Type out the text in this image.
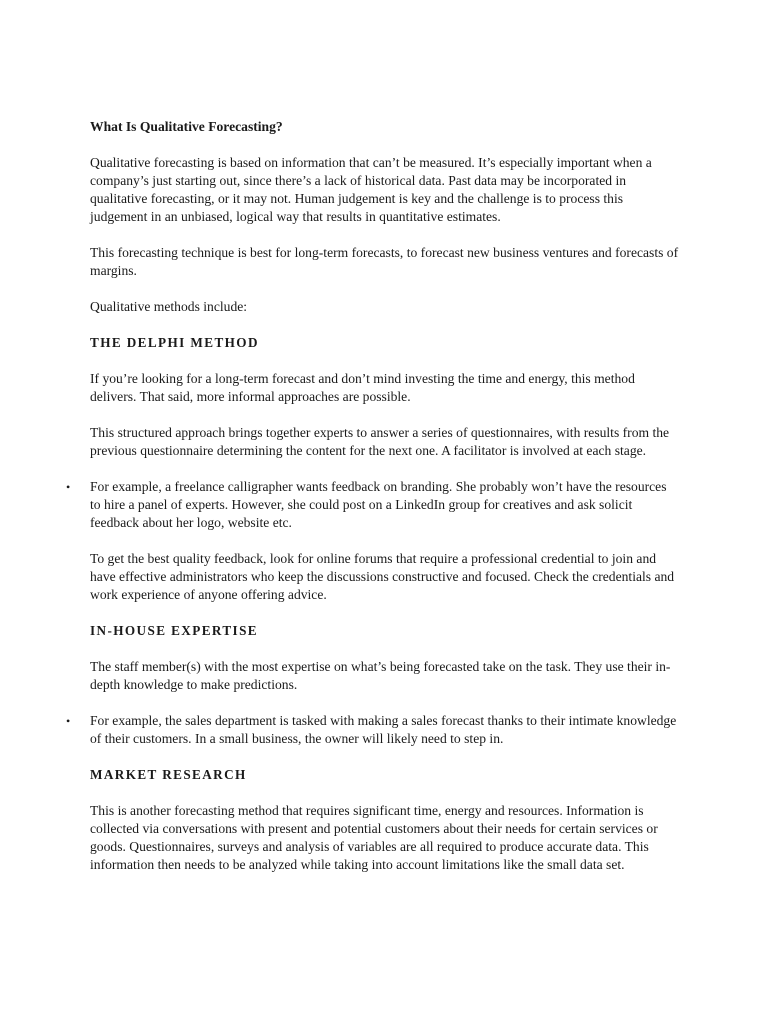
What Is Qualitative Forecasting?

Qualitative forecasting is based on information that can’t be measured. It’s especially important when a company’s just starting out, since there’s a lack of historical data. Past data may be incorporated in qualitative forecasting, or it may not. Human judgement is key and the challenge is to process this judgement in an unbiased, logical way that results in quantitative estimates.

This forecasting technique is best for long-term forecasts, to forecast new business ventures and forecasts of margins.

Qualitative methods include:

THE DELPHI METHOD

If you’re looking for a long-term forecast and don’t mind investing the time and energy, this method delivers. That said, more informal approaches are possible.

This structured approach brings together experts to answer a series of questionnaires, with results from the previous questionnaire determining the content for the next one. A facilitator is involved at each stage.

• For example, a freelance calligrapher wants feedback on branding. She probably won’t have the resources to hire a panel of experts. However, she could post on a LinkedIn group for creatives and ask solicit feedback about her logo, website etc.

To get the best quality feedback, look for online forums that require a professional credential to join and have effective administrators who keep the discussions constructive and focused. Check the credentials and work experience of anyone offering advice.

IN-HOUSE EXPERTISE

The staff member(s) with the most expertise on what’s being forecasted take on the task. They use their in-depth knowledge to make predictions.

• For example, the sales department is tasked with making a sales forecast thanks to their intimate knowledge of their customers. In a small business, the owner will likely need to step in.
MARKET RESEARCH

This is another forecasting method that requires significant time, energy and resources. Information is collected via conversations with present and potential customers about their needs for certain services or goods. Questionnaires, surveys and analysis of variables are all required to produce accurate data. This information then needs to be analyzed while taking into account limitations like the small data set.
